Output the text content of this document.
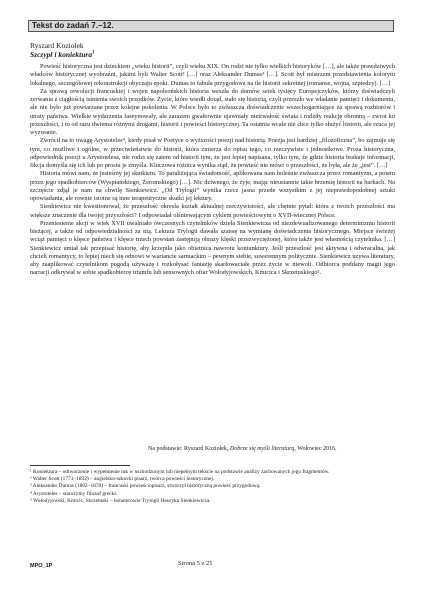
Tekst do zadań 7.–12.
Ryszard Koziołek
Szczypł i koniektura$^1$

Powieść historyczna jest dzieckiem „wieku historii”, czyli wieku XIX. On rodzi nie tylko wielkich historyków […], ale także prawdziwych władców historycznej wyobraźni, jakimi byli Walter Scott² […] oraz Aleksander Dumas³ […]. Scott był mistrzem przedstawienia kolorytu lokalnego, szczegółowej rekonstrukcji obyczaju epoki. Dumas to fabuła przygodowa na tle historii sekretnej (romanse, wojna, szpiedzy). […]

Za sprawą rewolucji francuskiej i wojen napoleońskich historia weszła do domów setek tysięcy Europejczyków, którzy doświadczyli zerwania z ciągłością istnienia swoich przodków. Życie, które wiedli dotąd, stało się historią, czyli przeszło we władanie pamięci i dokumentu, ale nie było już powtarzane przez kolejne pokolenia. W Polsce było to zwłaszcza doświadczenie wszechogarniające za sprawą rozbiorów i utraty państwa. Wielkie wydarzenia faseynowały, ale zarazem gwałtownie ujawniały nietrwałość świata i rodziły reakcję obronną – zwrot ku przeszłości, i to od razu dwiema różnymi drogami, historii i powieści historycznej. Ta ostatnia wcale nie chce tylko służyć historii, ale rzuca jej wyzwanie.

Zwrócił na to uwagę Arystoteles⁴, kiedy pisał w Poetyce o wyższości poezji nad historią. Poezja jest bardziej „filozoficzna”, bo zajmuje się tym, co możliwe i ogólne, w przeciwieństwie do historii, która zmierza do opisu tego, co rzeczywiste i jednostkowe. Proza historyczna, odpowiednik poezji u Arystotelesa, nie rodzi się zatem od historii tym, że jest lepiej napisana, tylko tym, że gdzie historia brakuje informacji, fikcja domyśla się ich lub po prostu je zmyśla. Kluczowa różnica wynika stąd, że powieść nie mówi o przeszłości, że była, ale że „jest”. […]

Historia mówi nam, że jesteśmy jej skutkiem. To paraliżująca świadomość, aplikowana nam boleśnie zwłaszcza przez romantyzm, a potem przez jego spadkobierców (Wyspiańskiego, Żeromskiego) […]. Nic dziwnego, że żyje, mając nieustannie takie brzemię historii na barkach. Na szczęście zdjął je nam na chwilę Sienkiewicz. „Od Trylogii” wynika rzecz jasna przede wszystkim z jej nieprawdopodobnej sztuki opowiadania, ale rownie istotne są inne terapeutyczne skutki jej lektury.

Sienkiewicz nie kwestionował, że przeszłość okresla kształt aktualnej rzeczywistości, ale chętnie pytał: która z twoich przeszłości ma większe znaczenie dla twojej przyszłości? I odpowiadał olśniewającym cyklem powieściowym o XVII-wiecznej Polsce.

Przeniesienie akcji w wiek XVII uwalniało ówczesnych czytelników dzieła Sienkiewicza od niezdewualizowanego determinizmu historii bieżącej, a także od odpowiedzialności za nią. Lektura Trylogii dawała szansę na wymianę doświadczenia historycznego. Miejsce świeżej wciąż pamięci o klęsce państwa i klęsce trzech powstań zastępują obrazy klęski przezwyciężonej, która także jest własnością czytelnika. […] Sienkiewicz umiał tak przepisać historię, aby krzepiła jako obietnica nawrotu koniunktury. Jeśli przeszłość jest aktywna i odwracalna, jak chcieli romantycy, to lepiej niech się odnowi w wariancie sarmackim – pewnym siebie, suwerennym politycznie. Sienkiewicz używa literatury, aby zaaplikować czytelnikom pogodą używażę i rozkołysać fantazję skarłowaciałe przez życie w niewoli. Odbiorca poddany magii jego narracji odkrywał w sobie spadkobiercę triumfu lub sensownych ofiar Wołodyjowskich, Kmicica i Skrzetuskiego⁵.

Na podstawie: Ryszard Koziołek, Dobrze się myśli literaturą, Wołowiec 2016.
¹ Koniektura – odtworzenie i wypełnienie luk w uszkodzonym lub niepełnym tekście na podstawie analizy zachowanych jego fragmentów.
² Walter Scott (1771–1832) – angielsko-szkocki pisarz, twórca powieści historycznej.
³ Aleksander Dumas (1802–1870) – francuski powieściopisarz, stworzył historyczną powieść przygodową.
⁴ Arystoteles – starożytny filozof grecki.
⁵ Wołodyjowski, Kmicic, Skrzetuski – bohaterowie Trylogii Henryka Sienkiewicza.
Strona 5 z 21
MPO_1P
